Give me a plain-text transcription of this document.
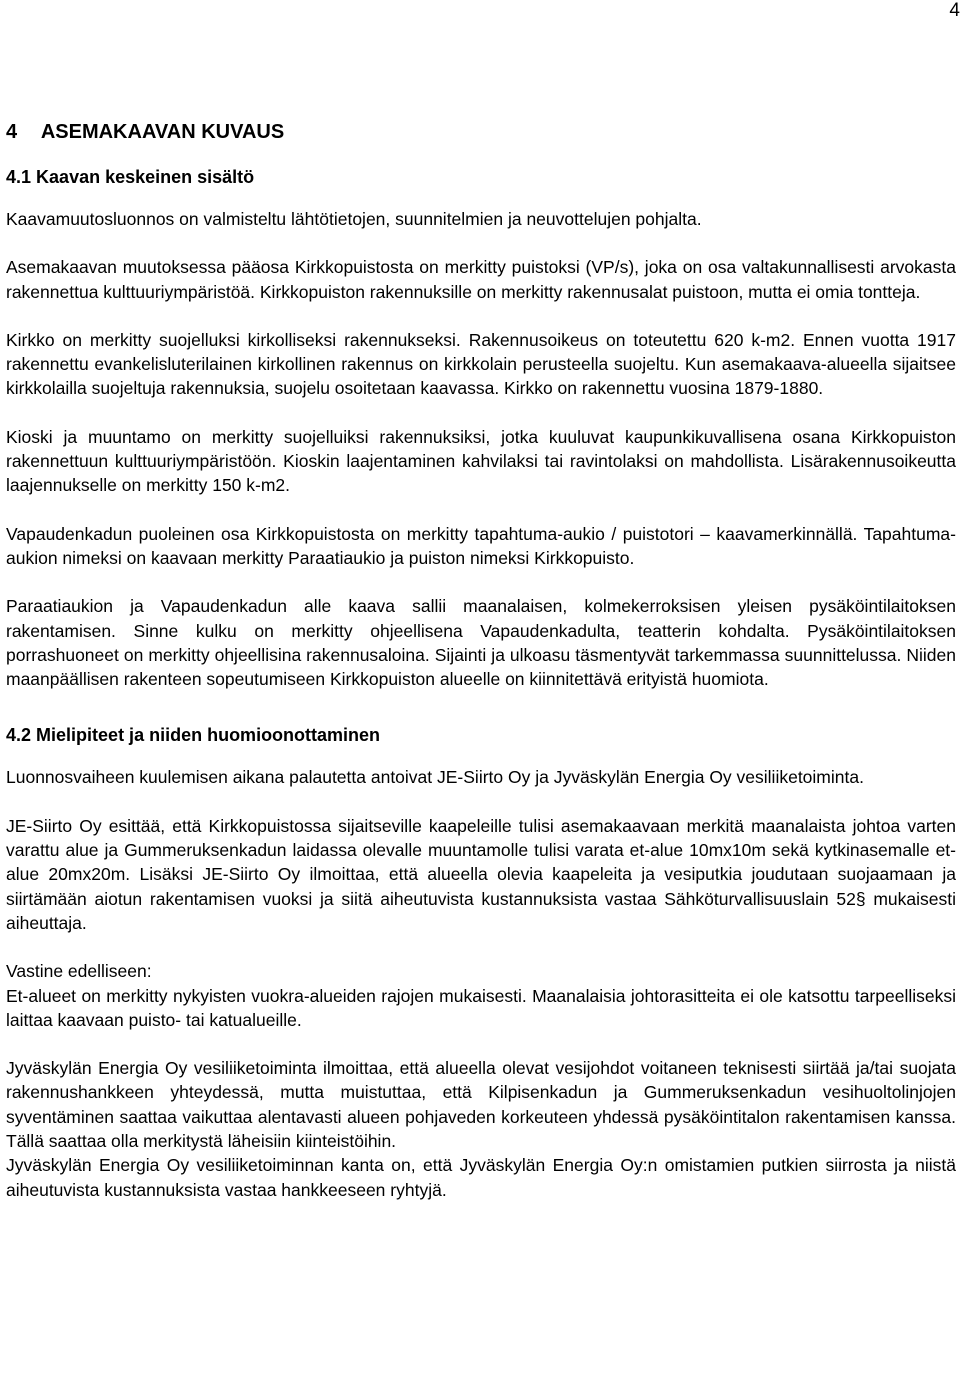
4
4 ASEMAKAAVAN KUVAUS
4.1 Kaavan keskeinen sisältö

Kaavamuutosluonnos on valmisteltu lähtötietojen, suunnitelmien ja neuvottelujen pohjalta.

Asemakaavan muutoksessa pääosa Kirkkopuistosta on merkitty puistoksi (VP/s), joka on osa valtakunnallisesti arvokasta rakennettua kulttuuriympäristöä. Kirkkopuiston rakennuksille on merkitty rakennusalat puistoon, mutta ei omia tontteja.

Kirkko on merkitty suojelluksi kirkolliseksi rakennukseksi. Rakennusoikeus on toteutettu 620 k-m2. Ennen vuotta 1917 rakennettu evankelisluterilainen kirkollinen rakennus on kirkkolain perusteella suojeltu. Kun asemakaava-alueella sijaitsee kirkkolailla suojeltuja rakennuksia, suojelu osoitetaan kaavassa. Kirkko on rakennettu vuosina 1879-1880.

Kioski ja muuntamo on merkitty suojelluiksi rakennuksiksi, jotka kuuluvat kaupunkikuvallisena osana Kirkkopuiston rakennettuun kulttuuriympäristöön. Kioskin laajentaminen kahvilaksi tai ravintolaksi on mahdollista. Lisärakennusoikeutta laajennukselle on merkitty 150 k-m2.

Vapaudenkadun puoleinen osa Kirkkopuistosta on merkitty tapahtuma-aukio / puistotori – kaavamerkinnällä. Tapahtuma-aukion nimeksi on kaavaan merkitty Paraatiaukio ja puiston nimeksi Kirkkopuisto.

Paraatiaukion ja Vapaudenkadun alle kaava sallii maanalaisen, kolmekerroksisen yleisen pysäköintilaitoksen rakentamisen. Sinne kulku on merkitty ohjeellisena Vapaudenkadulta, teatterin kohdalta. Pysäköintilaitoksen porrashuoneet on merkitty ohjeellisina rakennusaloina. Sijainti ja ulkoasu täsmentyvät tarkemmassa suunnittelussa. Niiden maanpäällisen rakenteen sopeutumiseen Kirkkopuiston alueelle on kiinnitettävä erityistä huomiota.

4.2 Mielipiteet ja niiden huomioonottaminen

Luonnosvaiheen kuulemisen aikana palautetta antoivat JE-Siirto Oy ja Jyväskylän Energia Oy vesiliiketoiminta.

JE-Siirto Oy esittää, että Kirkkopuistossa sijaitseville kaapeleille tulisi asemakaavaan merkitä maanalaista johtoa varten varattu alue ja Gummeruksenkadun laidassa olevalle muuntamolle tulisi varata et-alue 10mx10m sekä kytkinasemalle et-alue 20mx20m. Lisäksi JE-Siirto Oy ilmoittaa, että alueella olevia kaapeleita ja vesiputkia joudutaan suojaamaan ja siirtämään aiotun rakentamisen vuoksi ja siitä aiheutuvista kustannuksista vastaa Sähköturvallisuuslain 52§ mukaisesti aiheuttaja.

Vastine edelliseen:

Et-alueet on merkitty nykyisten vuokra-alueiden rajojen mukaisesti. Maanalaisia johtorasitteita ei ole katsottu tarpeelliseksi laittaa kaavaan puisto- tai katualueille.

Jyväskylän Energia Oy vesiliiketoiminta ilmoittaa, että alueella olevat vesijohdot voitaneen teknisesti siirtää ja/tai suojata rakennushankkeen yhteydessä, mutta muistuttaa, että Kilpisenkadun ja Gummeruksenkadun vesihuoltolinjojen syventäminen saattaa vaikuttaa alentavasti alueen pohjaveden korkeuteen yhdessä pysäköintitalon rakentamisen kanssa. Tällä saattaa olla merkitystä läheisiin kiinteistöihin.

Jyväskylän Energia Oy vesiliiketoiminnan kanta on, että Jyväskylän Energia Oy:n omistamien putkien siirrosta ja niistä aiheutuvista kustannuksista vastaa hankkeeseen ryhtyjä.
